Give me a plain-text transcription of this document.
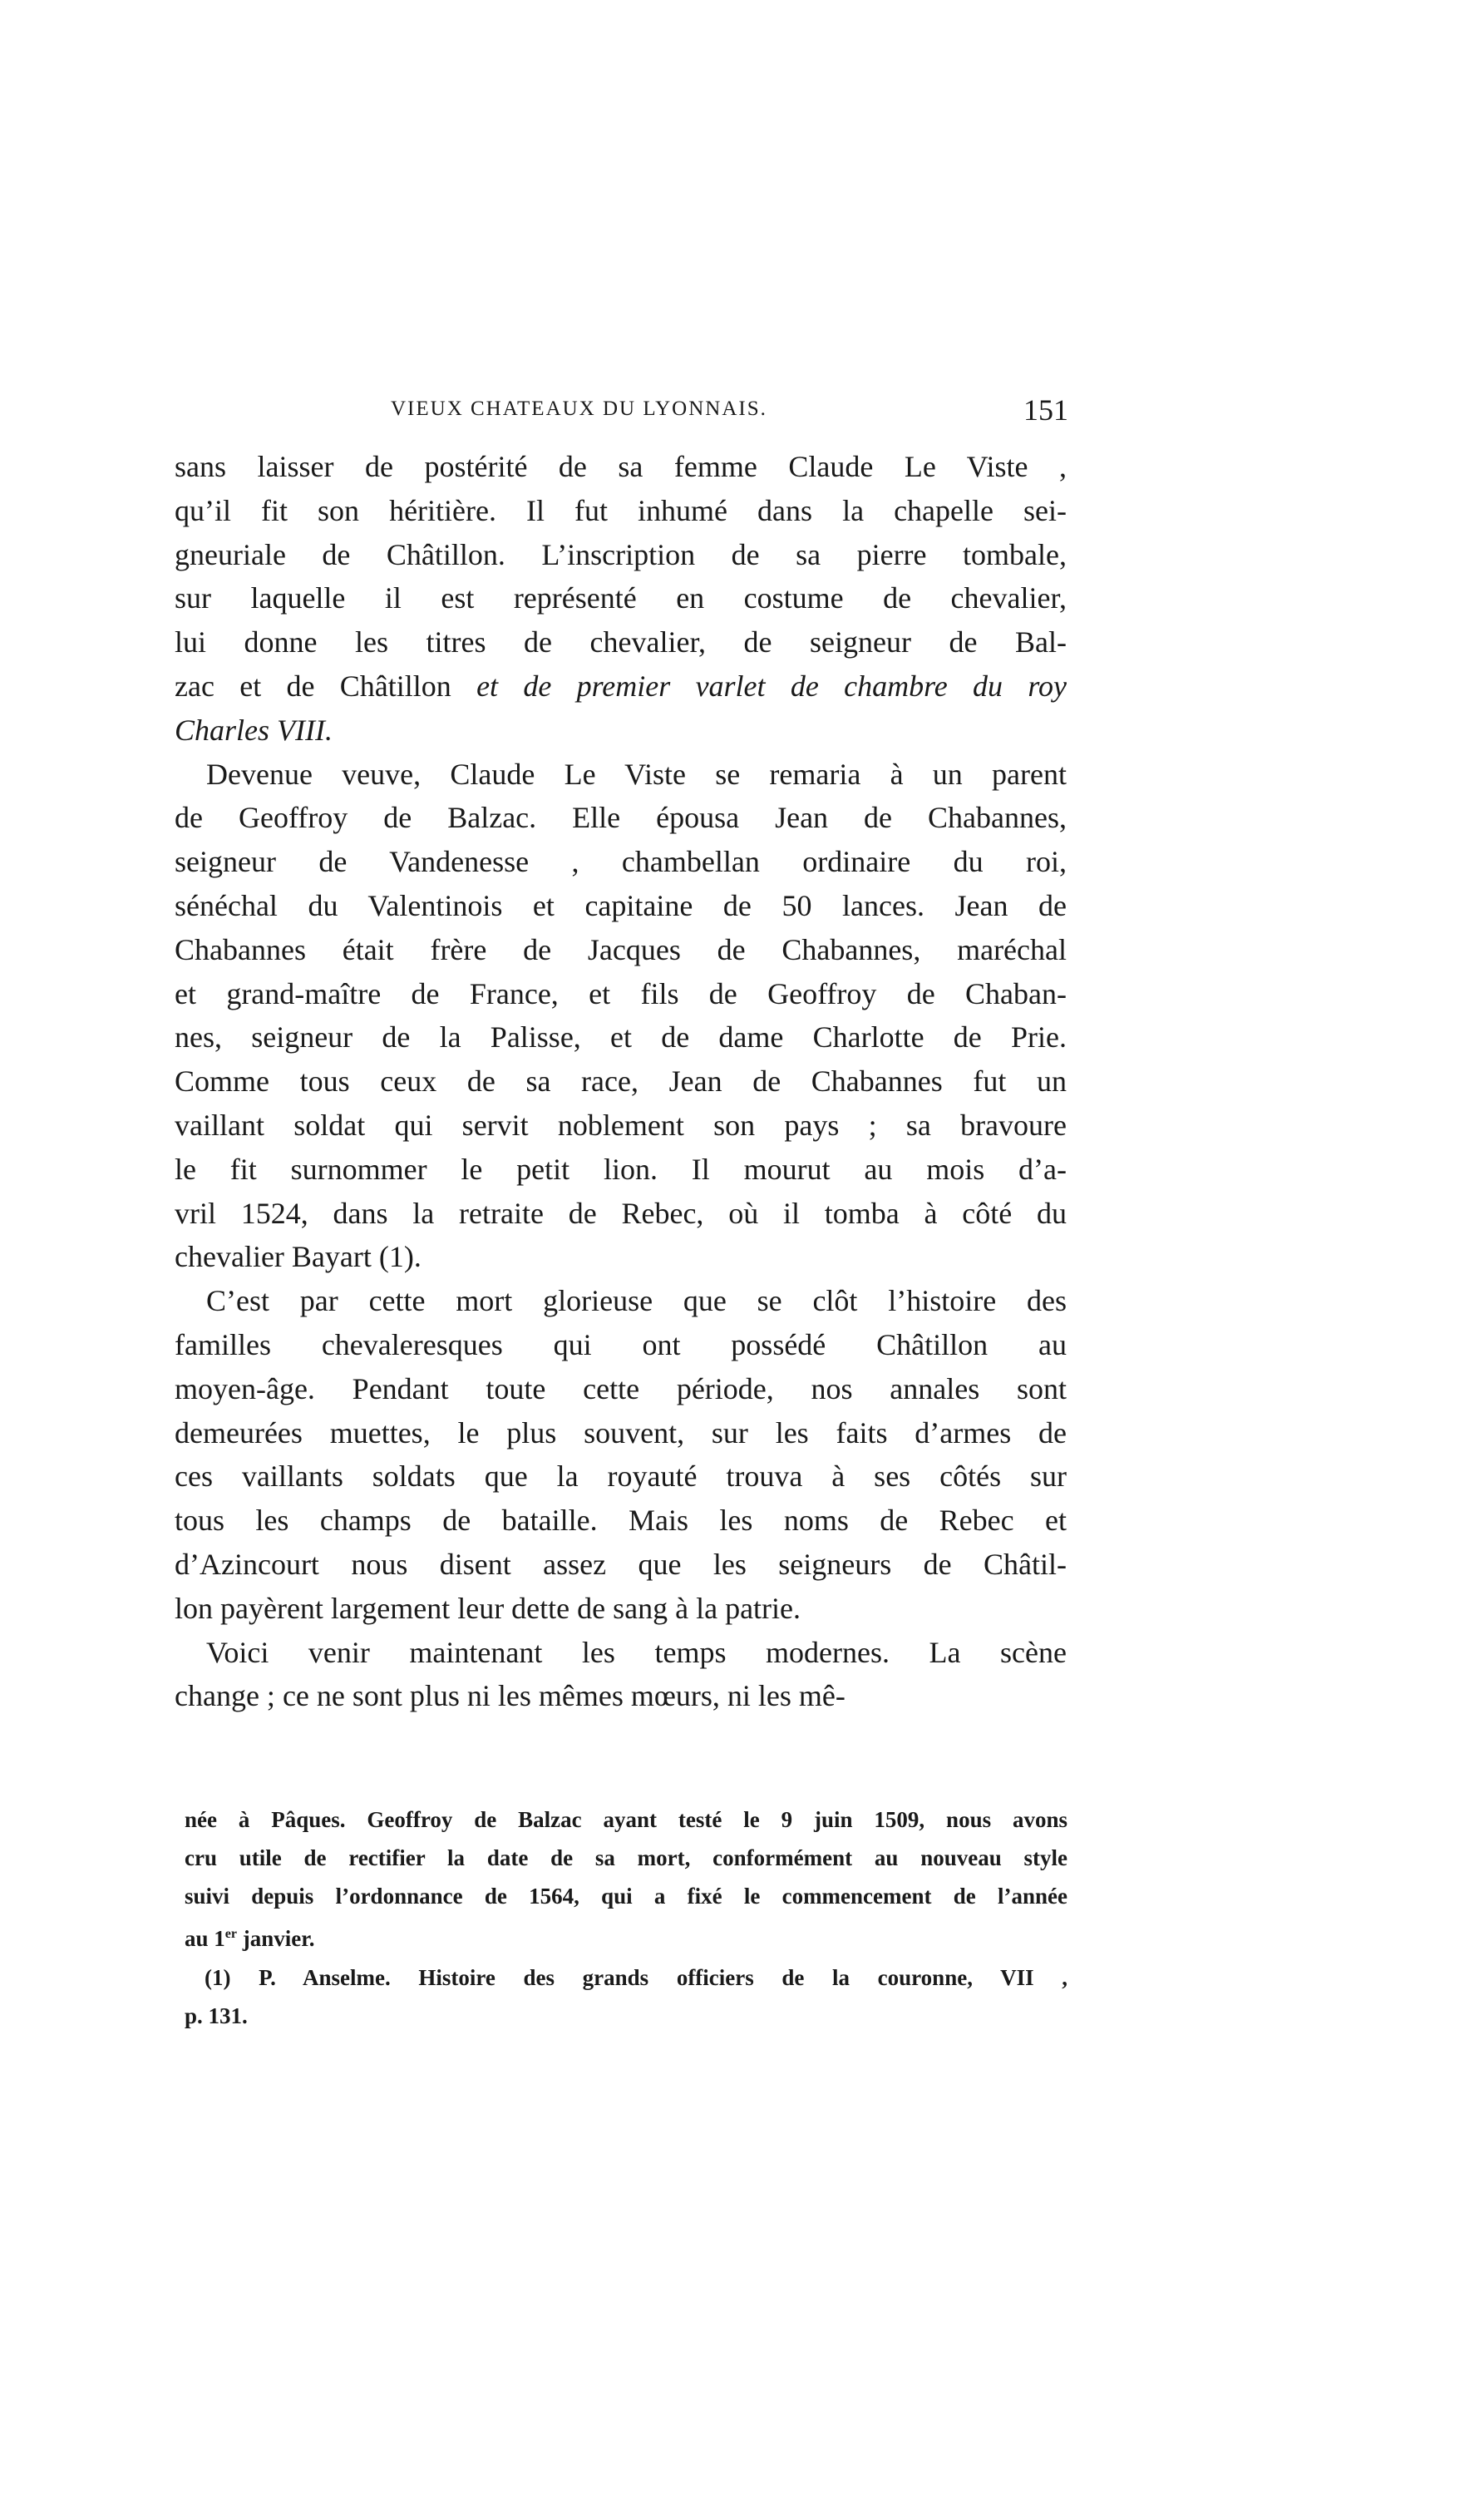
VIEUX CHATEAUX DU LYONNAIS.	151
sans laisser de postérité de sa femme Claude Le Viste ,
qu’il fit son héritière. Il fut inhumé dans la chapelle sei-
gneuriale de Châtillon. L’inscription de sa pierre tombale,
sur laquelle il est représenté en costume de chevalier,
lui donne les titres de chevalier, de seigneur de Bal-
zac et de Châtillon et de premier varlet de chambre du roy
Charles VIII.
Devenue veuve, Claude Le Viste se remaria à un parent
de Geoffroy de Balzac. Elle épousa Jean de Chabannes,
seigneur de Vandenesse , chambellan ordinaire du roi,
sénéchal du Valentinois et capitaine de 50 lances. Jean de
Chabannes était frère de Jacques de Chabannes, maréchal
et grand-maître de France, et fils de Geoffroy de Chaban-
nes, seigneur de la Palisse, et de dame Charlotte de Prie.
Comme tous ceux de sa race, Jean de Chabannes fut un
vaillant soldat qui servit noblement son pays ; sa bravoure
le fit surnommer le petit lion. Il mourut au mois d’a-
vril 1524, dans la retraite de Rebec, où il tomba à côté du
chevalier Bayart (1).
C’est par cette mort glorieuse que se clôt l’histoire des
familles chevaleresques qui ont possédé Châtillon au
moyen-âge. Pendant toute cette période, nos annales sont
demeurées muettes, le plus souvent, sur les faits d’armes de
ces vaillants soldats que la royauté trouva à ses côtés sur
tous les champs de bataille. Mais les noms de Rebec et
d’Azincourt nous disent assez que les seigneurs de Châtil-
lon payèrent largement leur dette de sang à la patrie.
Voici venir maintenant les temps modernes. La scène
change ; ce ne sont plus ni les mêmes mœurs, ni les mê-
née à Pâques. Geoffroy de Balzac ayant testé le 9 juin 1509, nous avons
cru utile de rectifier la date de sa mort, conformément au nouveau style
suivi depuis l’ordonnance de 1564, qui a fixé le commencement de l’année
au 1er janvier.
(1) P. Anselme. Histoire des grands officiers de la couronne, VII ,
p. 131.
